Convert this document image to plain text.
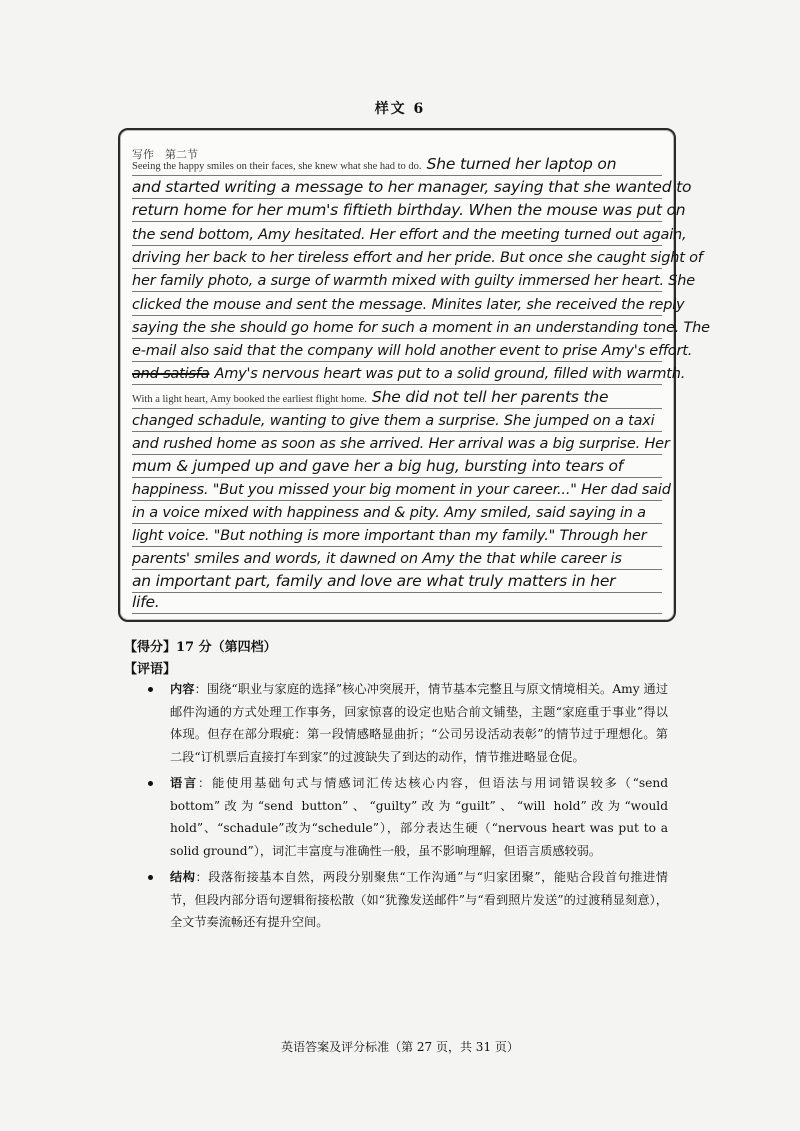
样文 6
写作　第二节
Seeing the happy smiles on their faces, she knew what she had to do. She turned her laptop on
and started writing a message to her manager, saying that she wanted to
return home for her mum's fiftieth birthday. When the mouse was put on
the send bottom, Amy hesitated. Her effort and the meeting turned out again,
driving her back to her tireless effort and her pride. But once she caught sight of
her family photo, a surge of warmth mixed with guilty immersed her heart. She
clicked the mouse and sent the message. Minites later, she received the reply
saying the she should go home for such a moment in an understanding tone. The
e-mail also said that the company will hold another event to prise Amy's effort.
and satisfa Amy's nervous heart was put to a solid ground, filled with warmth.
With a light heart, Amy booked the earliest flight home. She did not tell her parents the
changed schadule, wanting to give them a surprise. She jumped on a taxi
and rushed home as soon as she arrived. Her arrival was a big surprise. Her
mum & jumped up and gave her a big hug, bursting into tears of
happiness. "But you missed your big moment in your career..." Her dad said
in a voice mixed with happiness and & pity. Amy smiled, said saying in a
light voice. "But nothing is more important than my family." Through her
parents' smiles and words, it dawned on Amy the that while career is
an important part, family and love are what truly matters in her
life.
【得分】17 分（第四档）
【评语】
内容：围绕“职业与家庭的选择”核心冲突展开，情节基本完整且与原文情境相关。Amy 通过邮件沟通的方式处理工作事务，回家惊喜的设定也贴合前文铺垫，主题“家庭重于事业”得以体现。但存在部分瑕疵：第一段情感略显曲折；“公司另设活动表彰”的情节过于理想化。第二段“订机票后直接打车到家”的过渡缺失了到达的动作，情节推进略显仓促。
语言：能使用基础句式与情感词汇传达核心内容，但语法与用词错误较多（“send bottom”改为“send button”、“guilty”改为“guilt”、“will hold”改为“would hold”、“schadule”改为“schedule”），部分表达生硬（“nervous heart was put to a solid ground”），词汇丰富度与准确性一般，虽不影响理解，但语言质感较弱。
结构：段落衔接基本自然，两段分别聚焦“工作沟通”与“归家团聚”，能贴合段首句推进情节，但段内部分语句逻辑衔接松散（如“犹豫发送邮件”与“看到照片发送”的过渡稍显刻意），全文节奏流畅还有提升空间。
英语答案及评分标准（第 27 页，共 31 页）
